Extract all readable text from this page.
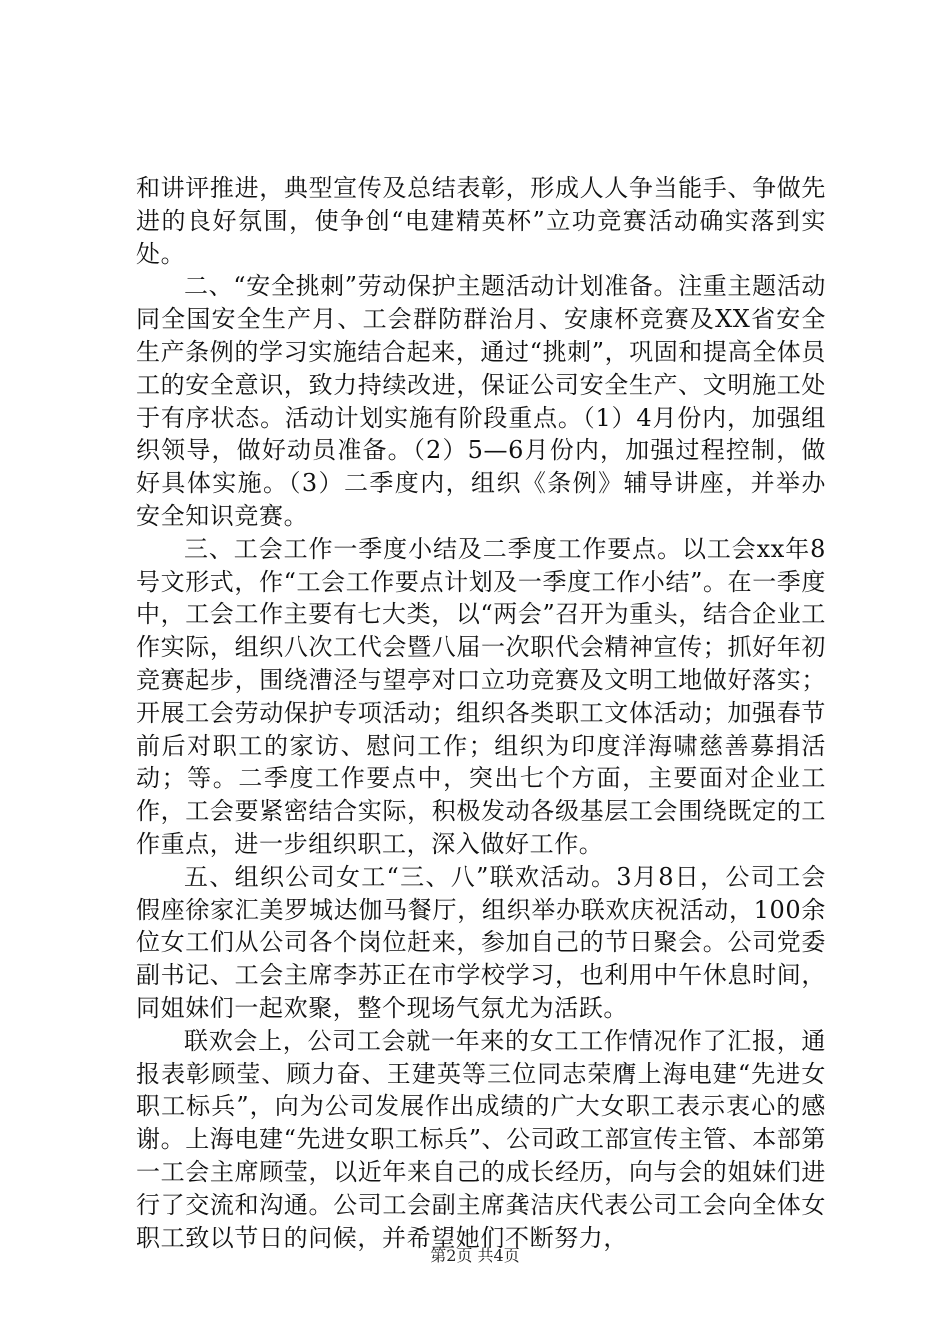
和讲评推进，典型宣传及总结表彰，形成人人争当能手、争做先进的良好氛围，使争创“电建精英杯”立功竞赛活动确实落到实处。

二、“安全挑刺”劳动保护主题活动计划准备。注重主题活动同全国安全生产月、工会群防群治月、安康杯竞赛及XX省安全生产条例的学习实施结合起来，通过“挑刺”，巩固和提高全体员工的安全意识，致力持续改进，保证公司安全生产、文明施工处于有序状态。活动计划实施有阶段重点。（1）4月份内，加强组织领导，做好动员准备。（2）5—6月份内，加强过程控制，做好具体实施。（3）二季度内，组织《条例》辅导讲座，并举办安全知识竞赛。

三、工会工作一季度小结及二季度工作要点。以工会xx年8号文形式，作“工会工作要点计划及一季度工作小结”。在一季度中，工会工作主要有七大类，以“两会”召开为重头，结合企业工作实际，组织八次工代会暨八届一次职代会精神宣传；抓好年初竞赛起步，围绕漕泾与望亭对口立功竞赛及文明工地做好落实；开展工会劳动保护专项活动；组织各类职工文体活动；加强春节前后对职工的家访、慰问工作；组织为印度洋海啸慈善募捐活动；等。二季度工作要点中，突出七个方面，主要面对企业工作，工会要紧密结合实际，积极发动各级基层工会围绕既定的工作重点，进一步组织职工，深入做好工作。

五、组织公司女工“三、八”联欢活动。3月8日，公司工会假座徐家汇美罗城达伽马餐厅，组织举办联欢庆祝活动，100余位女工们从公司各个岗位赶来，参加自己的节日聚会。公司党委副书记、工会主席李苏正在市学校学习，也利用中午休息时间，同姐妹们一起欢聚，整个现场气氛尤为活跃。

联欢会上，公司工会就一年来的女工工作情况作了汇报，通报表彰顾莹、顾力奋、王建英等三位同志荣膺上海电建“先进女职工标兵”，向为公司发展作出成绩的广大女职工表示衷心的感谢。上海电建“先进女职工标兵”、公司政工部宣传主管、本部第一工会主席顾莹，以近年来自己的成长经历，向与会的姐妹们进行了交流和沟通。公司工会副主席龚洁庆代表公司工会向全体女职工致以节日的问候，并希望她们不断努力，

第2页 共4页
